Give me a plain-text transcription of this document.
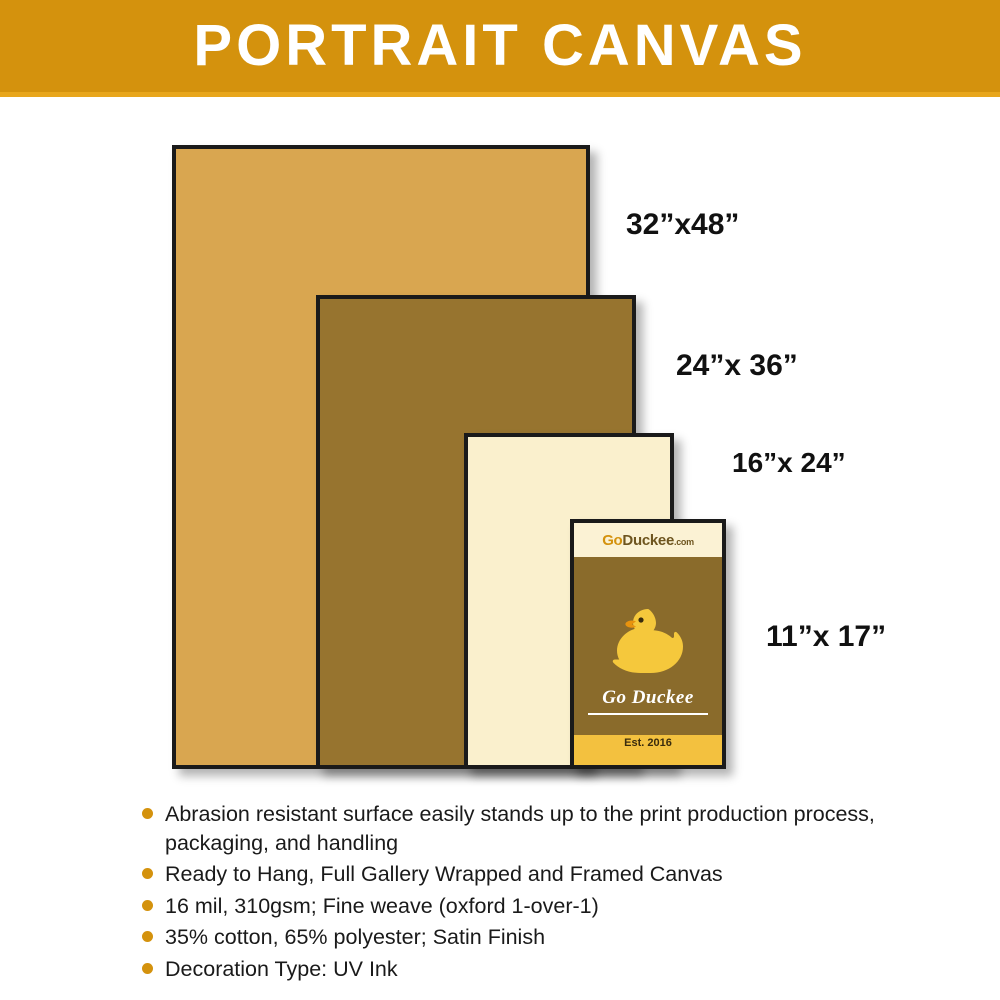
PORTRAIT CANVAS
GoDuckee.com
Go Duckee
Est. 2016
32”x48”
24”x 36”
16”x 24”
11”x 17”
Abrasion resistant surface easily stands up to the print production process, packaging, and handling
Ready to Hang, Full Gallery Wrapped and Framed Canvas
16 mil, 310gsm; Fine weave (oxford 1-over-1)
35% cotton, 65% polyester; Satin Finish
Decoration Type: UV Ink
